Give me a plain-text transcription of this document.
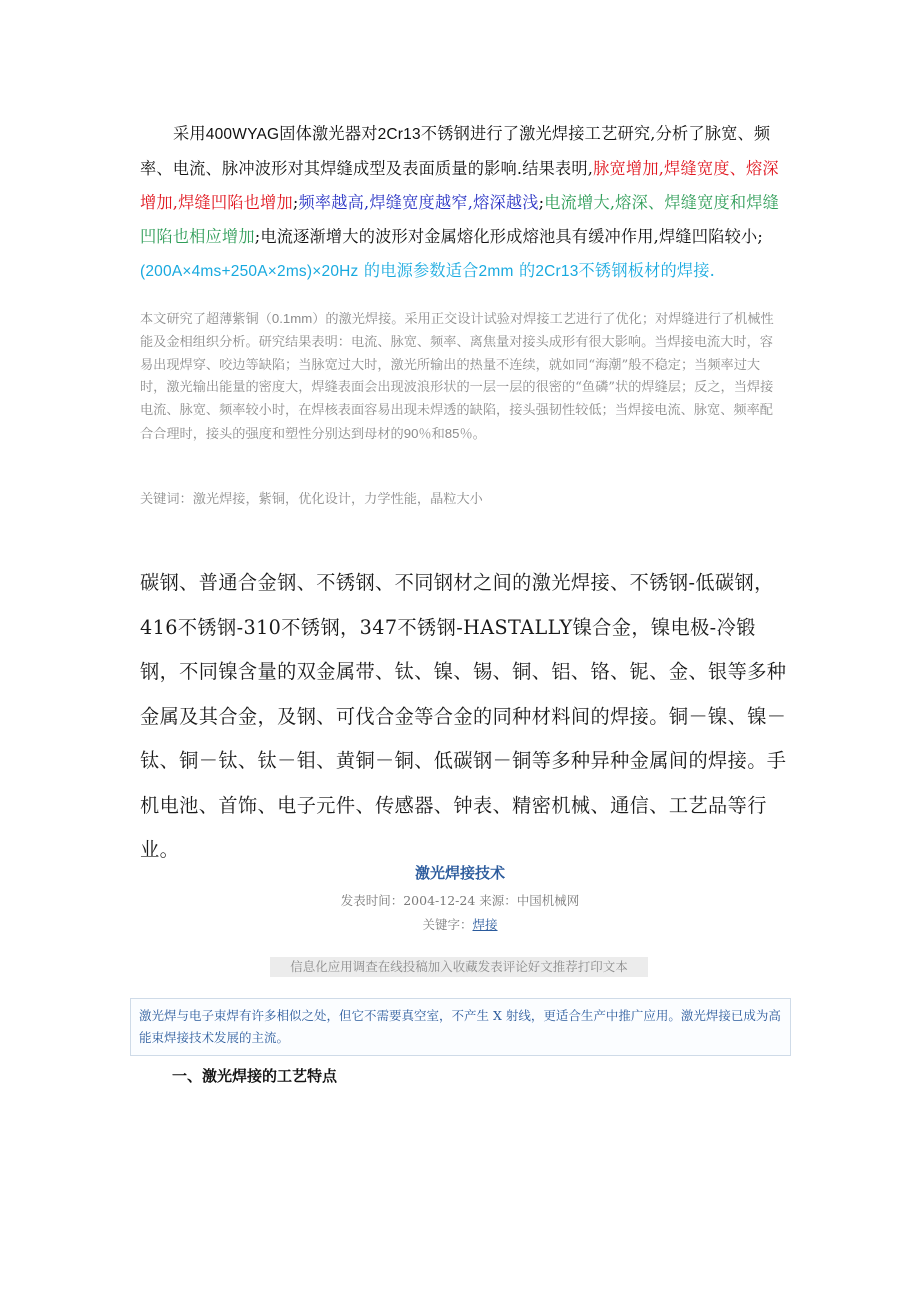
采用400WYAG固体激光器对2Cr13不锈钢进行了激光焊接工艺研究,分析了脉宽、频率、电流、脉冲波形对其焊缝成型及表面质量的影响.结果表明,脉宽增加,焊缝宽度、熔深增加,焊缝凹陷也增加;频率越高,焊缝宽度越窄,熔深越浅;电流增大,熔深、焊缝宽度和焊缝凹陷也相应增加;电流逐渐增大的波形对金属熔化形成熔池具有缓冲作用,焊缝凹陷较小;(200A×4ms+250A×2ms)×20Hz 的电源参数适合2mm 的2Cr13不锈钢板材的焊接.

本文研究了超薄紫铜（0.1mm）的激光焊接。采用正交设计试验对焊接工艺进行了优化；对焊缝进行了机械性能及金相组织分析。研究结果表明：电流、脉宽、频率、离焦量对接头成形有很大影响。当焊接电流大时，容易出现焊穿、咬边等缺陷；当脉宽过大时，激光所输出的热量不连续，就如同“海潮”般不稳定；当频率过大时，激光输出能量的密度大，焊缝表面会出现波浪形状的一层一层的很密的“鱼磷”状的焊缝层；反之，当焊接电流、脉宽、频率较小时，在焊核表面容易出现未焊透的缺陷，接头强韧性较低；当焊接电流、脉宽、频率配合合理时，接头的强度和塑性分别达到母材的90％和85％。

关键词：激光焊接，紫铜，优化设计，力学性能，晶粒大小

碳钢、普通合金钢、不锈钢、不同钢材之间的激光焊接、不锈钢-低碳钢，416不锈钢-310不锈钢，347不锈钢-HASTALLY镍合金，镍电极-冷锻钢，不同镍含量的双金属带、钛、镍、锡、铜、铝、铬、铌、金、银等多种金属及其合金，及钢、可伐合金等合金的同种材料间的焊接。铜－镍、镍－钛、铜－钛、钛－钼、黄铜－铜、低碳钢－铜等多种异种金属间的焊接。手机电池、首饰、电子元件、传感器、钟表、精密机械、通信、工艺品等行业。

激光焊接技术
发表时间：2004-12-24 来源：中国机械网
关键字：焊接
信息化应用调查在线投稿加入收藏发表评论好文推荐打印文本
激光焊与电子束焊有许多相似之处，但它不需要真空室，不产生 X 射线，更适合生产中推广应用。激光焊接已成为高能束焊接技术发展的主流。
一、激光焊接的工艺特点
